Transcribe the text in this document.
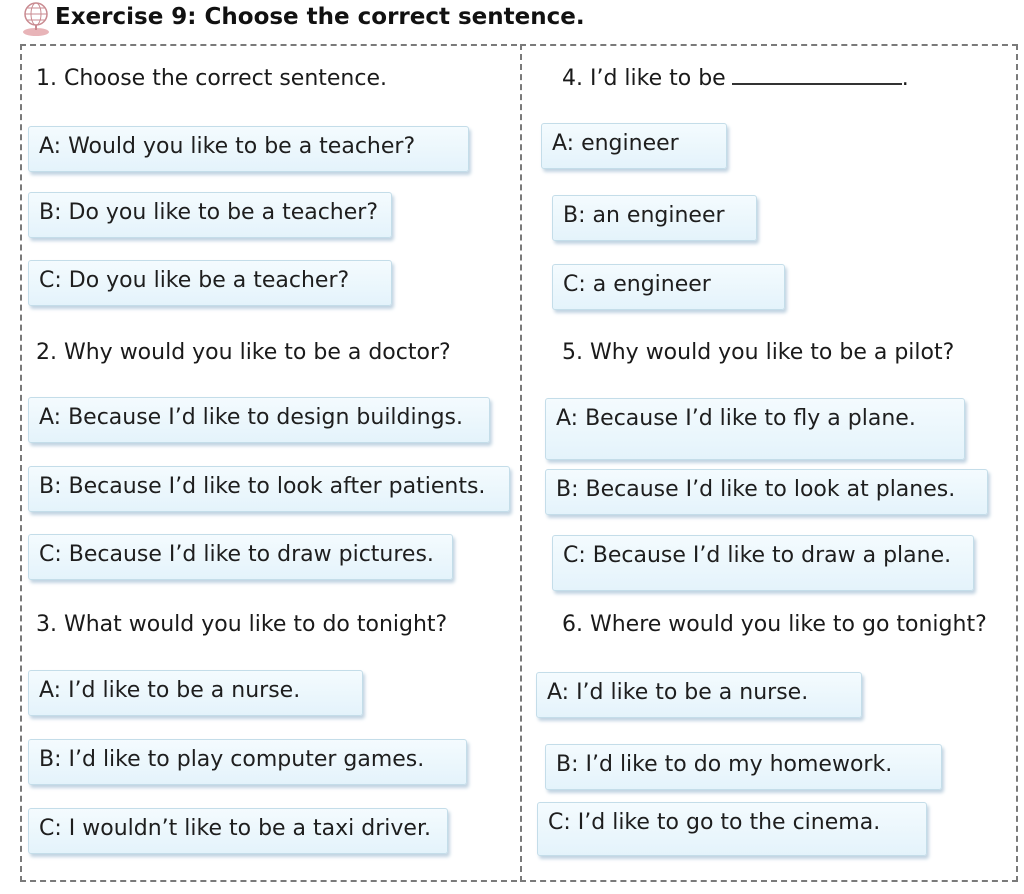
Exercise 9: Choose the correct sentence.

1. Choose the correct sentence.

A: Would you like to be a teacher?
B: Do you like to be a teacher?
C: Do you like be a teacher?

2. Why would you like to be a doctor?

A: Because I’d like to design buildings.
B: Because I’d like to look after patients.
C: Because I’d like to draw pictures.

3. What would you like to do tonight?

A: I’d like to be a nurse.
B: I’d like to play computer games.
C: I wouldn’t like to be a taxi driver.

4. I’d like to be	.

A: engineer
B: an engineer
C: a engineer

5. Why would you like to be a pilot?

A: Because I’d like to fly a plane.
B: Because I’d like to look at planes.
C: Because I’d like to draw a plane.

6. Where would you like to go tonight?

A: I’d like to be a nurse.
B: I’d like to do my homework.
C: I’d like to go to the cinema.
